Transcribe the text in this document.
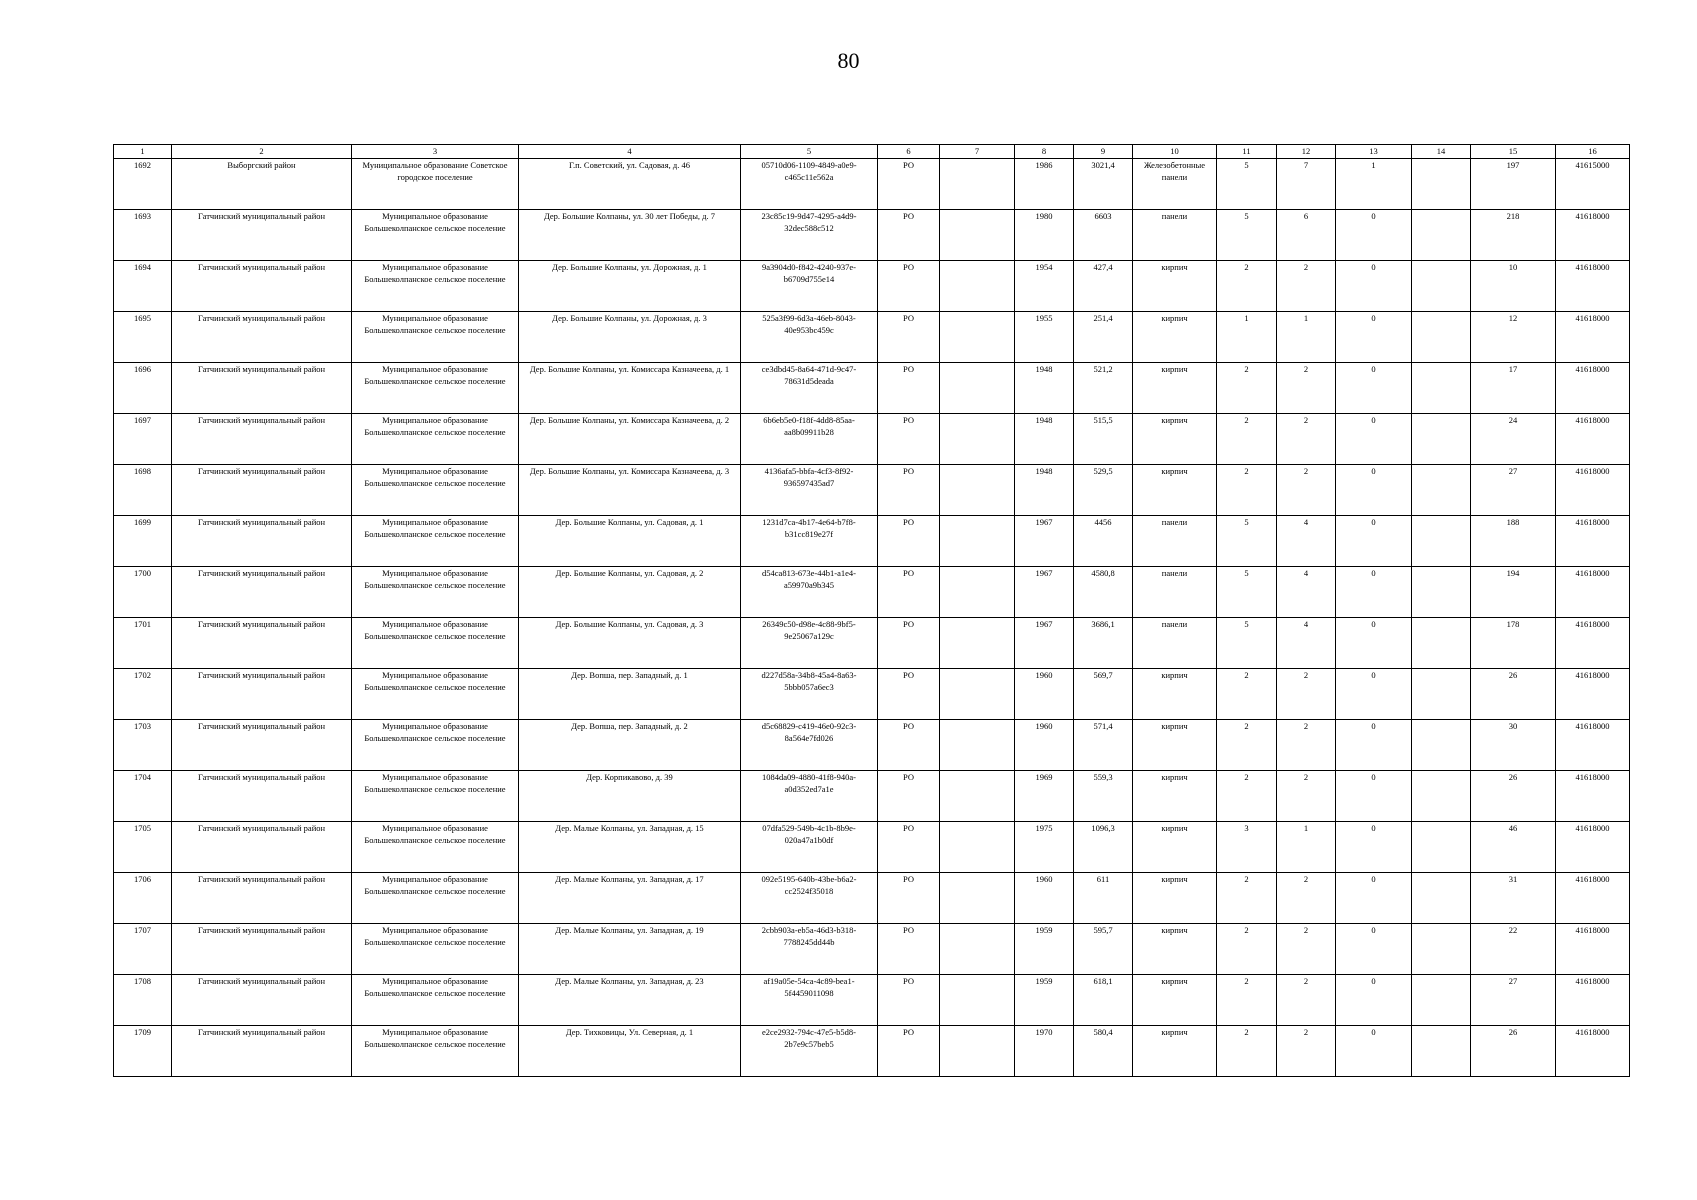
80
1	2	3	4	5	6	7	8	9	10	11	12	13	14	15	16
1692	Выборгский район	Муниципальное образование Советское городское поселение	Г.п. Советский, ул. Садовая, д. 46	05710d06-1109-4849-a0e9-c465c11e562a	РО		1986	3021,4	Железобетонные панели	5	7	1		197	41615000
1693	Гатчинский муниципальный район	Муниципальное образование Большеколпанское сельское поселение	Дер. Большие Колпаны, ул. 30 лет Победы, д. 7	23c85c19-9d47-4295-a4d9-32dec588c512	РО		1980	6603	панели	5	6	0		218	41618000
1694	Гатчинский муниципальный район	Муниципальное образование Большеколпанское сельское поселение	Дер. Большие Колпаны, ул. Дорожная, д. 1	9a3904d0-f842-4240-937e-b6709d755e14	РО		1954	427,4	кирпич	2	2	0		10	41618000
1695	Гатчинский муниципальный район	Муниципальное образование Большеколпанское сельское поселение	Дер. Большие Колпаны, ул. Дорожная, д. 3	525a3f99-6d3a-46eb-8043-40e953bc459c	РО		1955	251,4	кирпич	1	1	0		12	41618000
1696	Гатчинский муниципальный район	Муниципальное образование Большеколпанское сельское поселение	Дер. Большие Колпаны, ул. Комиссара Казначеева, д. 1	ce3dbd45-8a64-471d-9c47-78631d5deada	РО		1948	521,2	кирпич	2	2	0		17	41618000
1697	Гатчинский муниципальный район	Муниципальное образование Большеколпанское сельское поселение	Дер. Большие Колпаны, ул. Комиссара Казначеева, д. 2	6b6eb5e0-f18f-4dd8-85aa-aa8b09911b28	РО		1948	515,5	кирпич	2	2	0		24	41618000
1698	Гатчинский муниципальный район	Муниципальное образование Большеколпанское сельское поселение	Дер. Большие Колпаны, ул. Комиссара Казначеева, д. 3	4136afa5-bbfa-4cf3-8f92-936597435ad7	РО		1948	529,5	кирпич	2	2	0		27	41618000
1699	Гатчинский муниципальный район	Муниципальное образование Большеколпанское сельское поселение	Дер. Большие Колпаны, ул. Садовая, д. 1	1231d7ca-4b17-4e64-b7f8-b31cc819e27f	РО		1967	4456	панели	5	4	0		188	41618000
1700	Гатчинский муниципальный район	Муниципальное образование Большеколпанское сельское поселение	Дер. Большие Колпаны, ул. Садовая, д. 2	d54ca813-673e-44b1-a1e4-a59970a9b345	РО		1967	4580,8	панели	5	4	0		194	41618000
1701	Гатчинский муниципальный район	Муниципальное образование Большеколпанское сельское поселение	Дер. Большие Колпаны, ул. Садовая, д. 3	26349c50-d98e-4c88-9bf5-9e25067a129c	РО		1967	3686,1	панели	5	4	0		178	41618000
1702	Гатчинский муниципальный район	Муниципальное образование Большеколпанское сельское поселение	Дер. Вопша, пер. Западный, д. 1	d227d58a-34b8-45a4-8a63-5bbb057a6ec3	РО		1960	569,7	кирпич	2	2	0		26	41618000
1703	Гатчинский муниципальный район	Муниципальное образование Большеколпанское сельское поселение	Дер. Вопша, пер. Западный, д. 2	d5c68829-c419-46e0-92c3-8a564e7fd026	РО		1960	571,4	кирпич	2	2	0		30	41618000
1704	Гатчинский муниципальный район	Муниципальное образование Большеколпанское сельское поселение	Дер. Корпикавово, д. 39	1084da09-4880-41f8-940a-a0d352ed7a1e	РО		1969	559,3	кирпич	2	2	0		26	41618000
1705	Гатчинский муниципальный район	Муниципальное образование Большеколпанское сельское поселение	Дер. Малые Колпаны, ул. Западная, д. 15	07dfa529-549b-4c1b-8b9e-020a47a1b0df	РО		1975	1096,3	кирпич	3	1	0		46	41618000
1706	Гатчинский муниципальный район	Муниципальное образование Большеколпанское сельское поселение	Дер. Малые Колпаны, ул. Западная, д. 17	092e5195-640b-43be-b6a2-cc2524f35018	РО		1960	611	кирпич	2	2	0		31	41618000
1707	Гатчинский муниципальный район	Муниципальное образование Большеколпанское сельское поселение	Дер. Малые Колпаны, ул. Западная, д. 19	2cbb903a-eb5a-46d3-b318-7788245dd44b	РО		1959	595,7	кирпич	2	2	0		22	41618000
1708	Гатчинский муниципальный район	Муниципальное образование Большеколпанское сельское поселение	Дер. Малые Колпаны, ул. Западная, д. 23	af19a05e-54ca-4c89-bea1-5f4459011098	РО		1959	618,1	кирпич	2	2	0		27	41618000
1709	Гатчинский муниципальный район	Муниципальное образование Большеколпанское сельское поселение	Дер. Тихковицы, Ул. Северная, д. 1	e2ce2932-794c-47e5-b5d8-2b7e9c57beb5	РО		1970	580,4	кирпич	2	2	0		26	41618000
